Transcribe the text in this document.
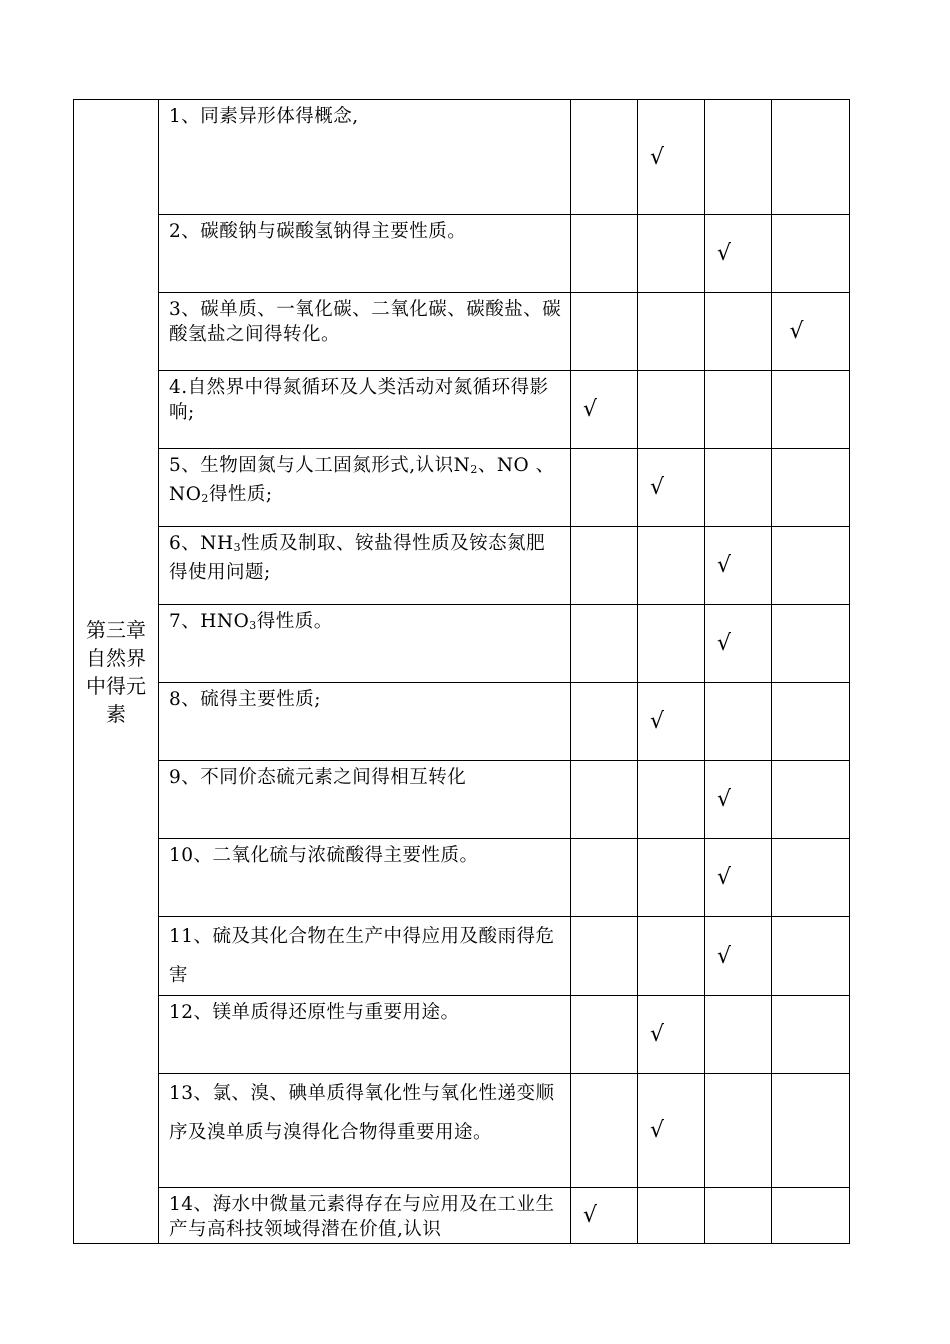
第三章自然界中得元素	1、同素异形体得概念,		√		
	2、碳酸钠与碳酸氢钠得主要性质。			√	
	3、碳单质、一氧化碳、二氧化碳、碳酸盐、碳酸氢盐之间得转化。				√
	4.自然界中得氮循环及人类活动对氮循环得影响;	√			
	5、生物固氮与人工固氮形式,认识$N_2$、NO 、$NO_2$得性质;		√		
	6、$NH_3$性质及制取、铵盐得性质及铵态氮肥得使用问题;			√	
	7、$HNO_3$得性质。			√	
	8、硫得主要性质;		√		
	9、不同价态硫元素之间得相互转化			√	
	10、二氧化硫与浓硫酸得主要性质。			√	
	11、硫及其化合物在生产中得应用及酸雨得危害			√	
	12、镁单质得还原性与重要用途。		√		
	13、氯、溴、碘单质得氧化性与氧化性递变顺序及溴单质与溴得化合物得重要用途。		√		
	14、海水中微量元素得存在与应用及在工业生产与高科技领域得潜在价值,认识	√			
